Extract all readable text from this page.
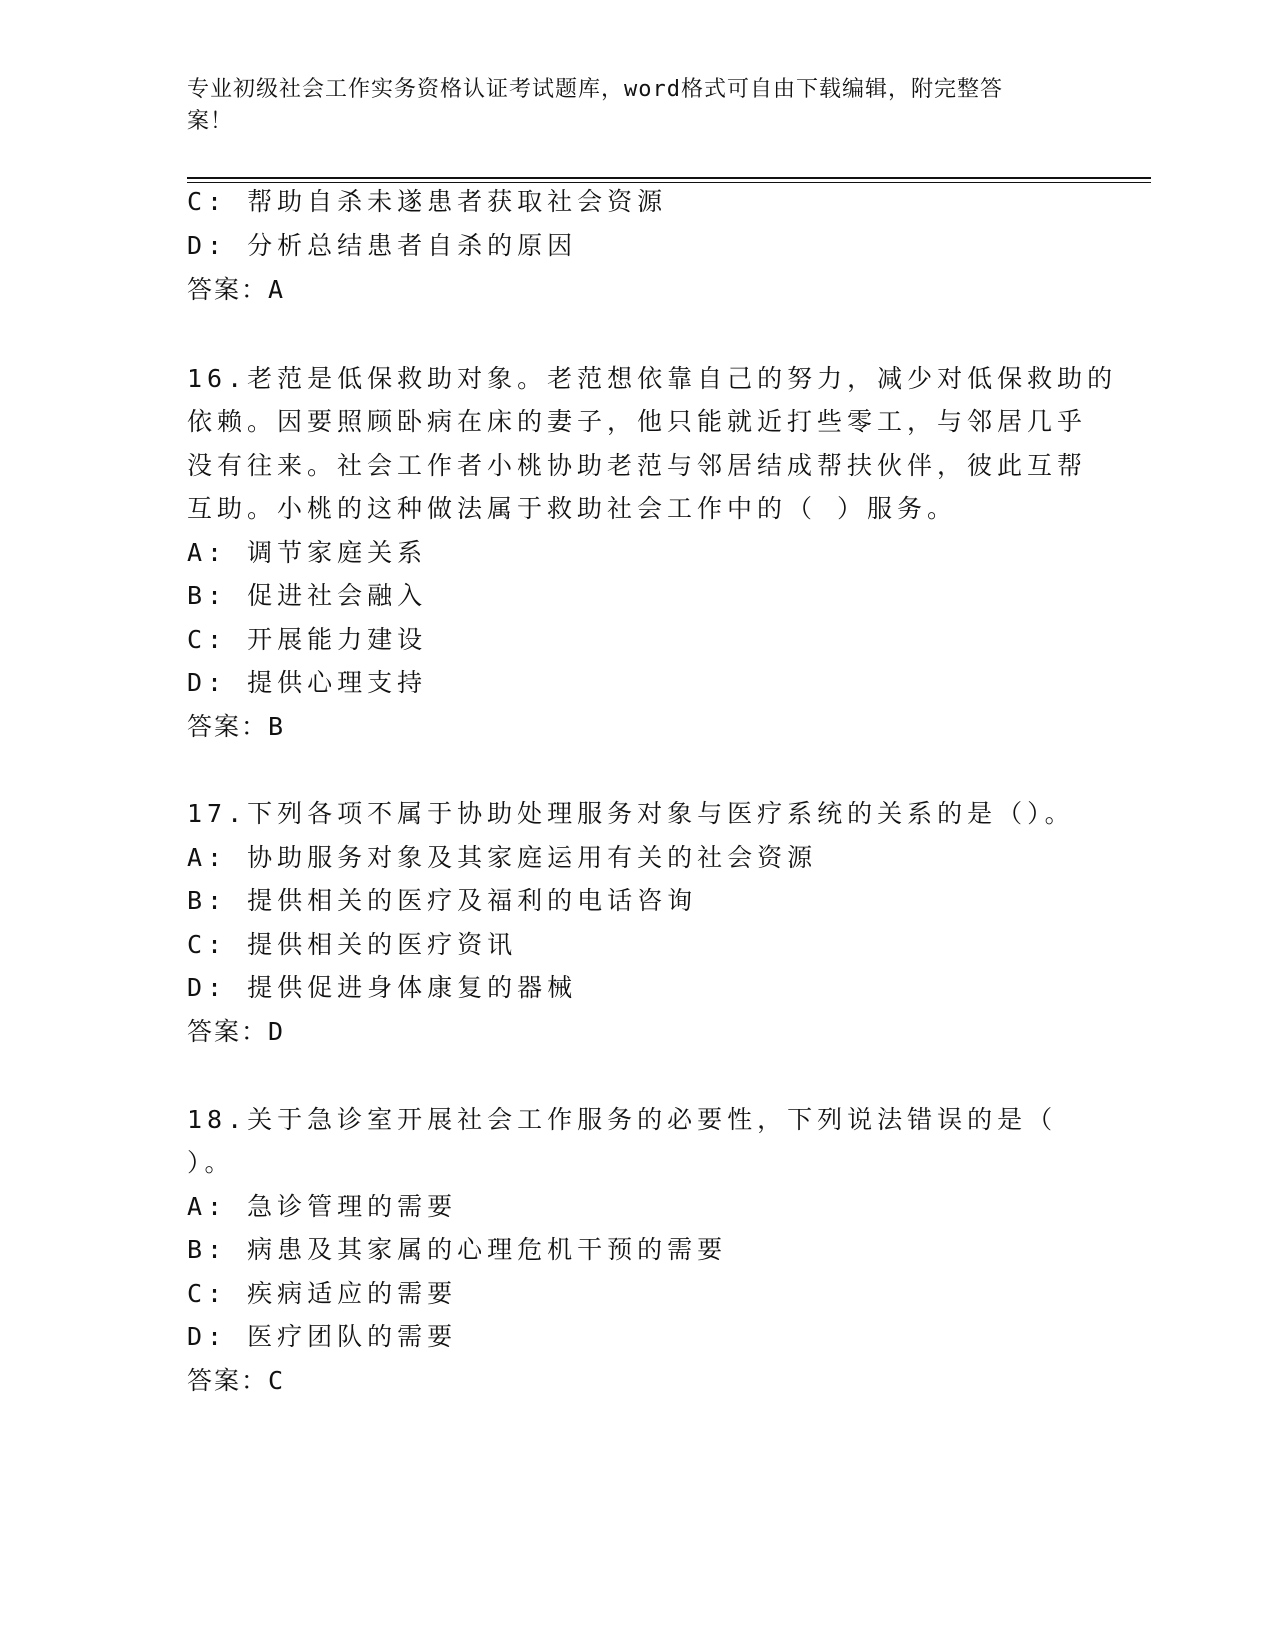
专业初级社会工作实务资格认证考试题库，word格式可自由下载编辑，附完整答
案！
C: 帮助自杀未遂患者获取社会资源
D: 分析总结患者自杀的原因
答案：A
16.老范是低保救助对象。老范想依靠自己的努力，减少对低保救助的
依赖。因要照顾卧病在床的妻子，他只能就近打些零工，与邻居几乎
没有往来。社会工作者小桃协助老范与邻居结成帮扶伙伴，彼此互帮
互助。小桃的这种做法属于救助社会工作中的（ ）服务。
A: 调节家庭关系
B: 促进社会融入
C: 开展能力建设
D: 提供心理支持
答案：B
17.下列各项不属于协助处理服务对象与医疗系统的关系的是（）。
A: 协助服务对象及其家庭运用有关的社会资源
B: 提供相关的医疗及福利的电话咨询
C: 提供相关的医疗资讯
D: 提供促进身体康复的器械
答案：D
18.关于急诊室开展社会工作服务的必要性，下列说法错误的是（
）。
A: 急诊管理的需要
B: 病患及其家属的心理危机干预的需要
C: 疾病适应的需要
D: 医疗团队的需要
答案：C
